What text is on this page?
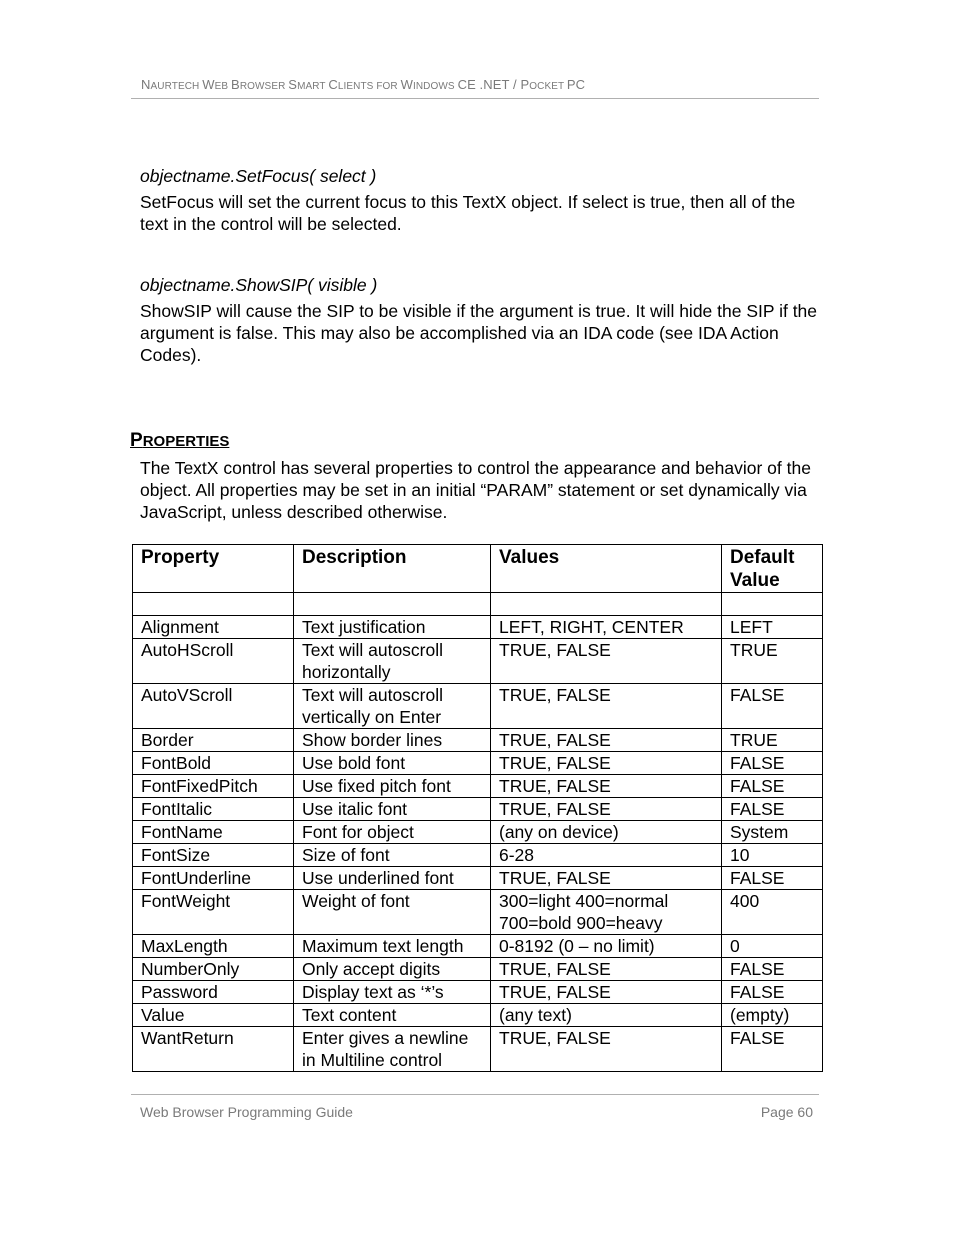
NAURTECH WEB BROWSER SMART CLIENTS FOR WINDOWS CE .NET / POCKET PC
objectname.SetFocus( select )
SetFocus will set the current focus to this TextX object. If select is true, then all of the text in the control will be selected.
objectname.ShowSIP( visible )
ShowSIP will cause the SIP to be visible if the argument is true. It will hide the SIP if the argument is false. This may also be accomplished via an IDA code (see IDA Action Codes).
PROPERTIES
The TextX control has several properties to control the appearance and behavior of the object. All properties may be set in an initial “PARAM” statement or set dynamically via JavaScript, unless described otherwise.
Property	Description	Values	Default Value

Alignment	Text justification	LEFT, RIGHT, CENTER	LEFT
AutoHScroll	Text will autoscroll horizontally	TRUE, FALSE	TRUE
AutoVScroll	Text will autoscroll vertically on Enter	TRUE, FALSE	FALSE
Border	Show border lines	TRUE, FALSE	TRUE
FontBold	Use bold font	TRUE, FALSE	FALSE
FontFixedPitch	Use fixed pitch font	TRUE, FALSE	FALSE
FontItalic	Use italic font	TRUE, FALSE	FALSE
FontName	Font for object	(any on device)	System
FontSize	Size of font	6-28	10
FontUnderline	Use underlined font	TRUE, FALSE	FALSE
FontWeight	Weight of font	300=light 400=normal 700=bold 900=heavy	400
MaxLength	Maximum text length	0-8192 (0 – no limit)	0
NumberOnly	Only accept digits	TRUE, FALSE	FALSE
Password	Display text as ‘*’s	TRUE, FALSE	FALSE
Value	Text content	(any text)	(empty)
WantReturn	Enter gives a newline in Multiline control	TRUE, FALSE	FALSE
Web Browser Programming Guide	Page 60
